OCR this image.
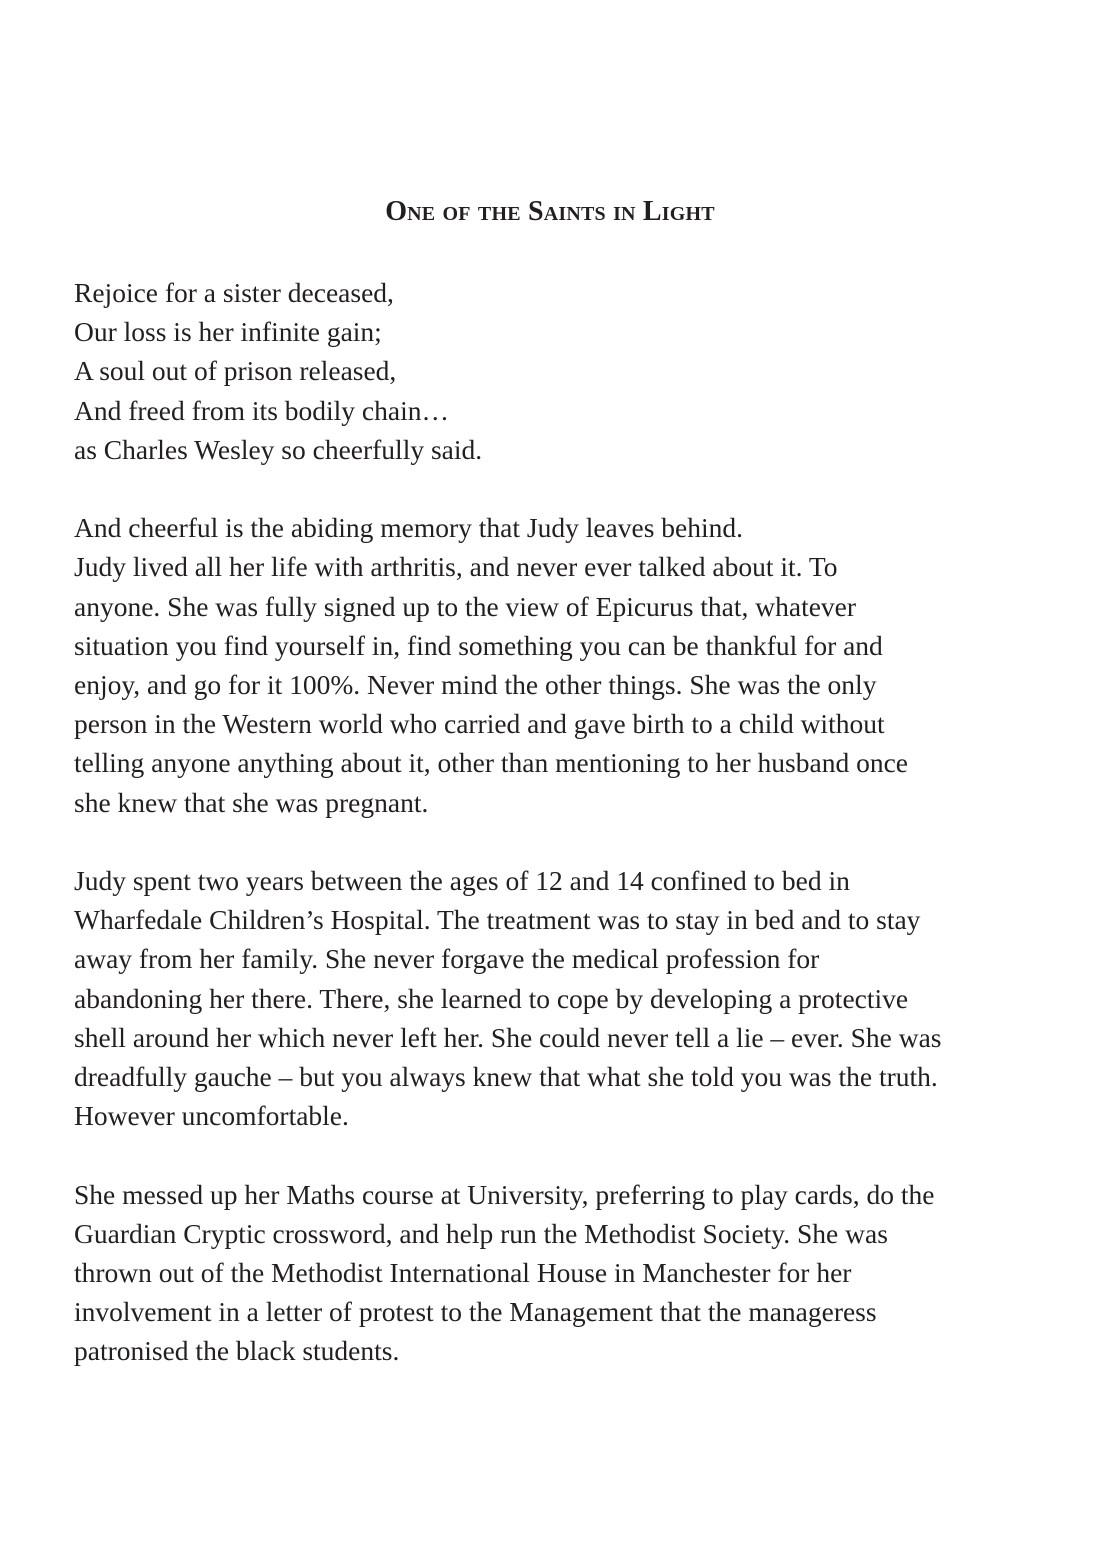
One of the Saints in Light
Rejoice for a sister deceased,
Our loss is her infinite gain;
A soul out of prison released,
And freed from its bodily chain…
as Charles Wesley so cheerfully said.
And cheerful is the abiding memory that Judy leaves behind.
Judy lived all her life with arthritis, and never ever talked about it. To
anyone. She was fully signed up to the view of Epicurus that, whatever
situation you find yourself in, find something you can be thankful for and
enjoy, and go for it 100%. Never mind the other things. She was the only
person in the Western world who carried and gave birth to a child without
telling anyone anything about it, other than mentioning to her husband once
she knew that she was pregnant.
Judy spent two years between the ages of 12 and 14 confined to bed in
Wharfedale Children’s Hospital. The treatment was to stay in bed and to stay
away from her family. She never forgave the medical profession for
abandoning her there. There, she learned to cope by developing a protective
shell around her which never left her. She could never tell a lie – ever. She was
dreadfully gauche – but you always knew that what she told you was the truth.
However uncomfortable.
She messed up her Maths course at University, preferring to play cards, do the
Guardian Cryptic crossword, and help run the Methodist Society. She was
thrown out of the Methodist International House in Manchester for her
involvement in a letter of protest to the Management that the manageress
patronised the black students.
